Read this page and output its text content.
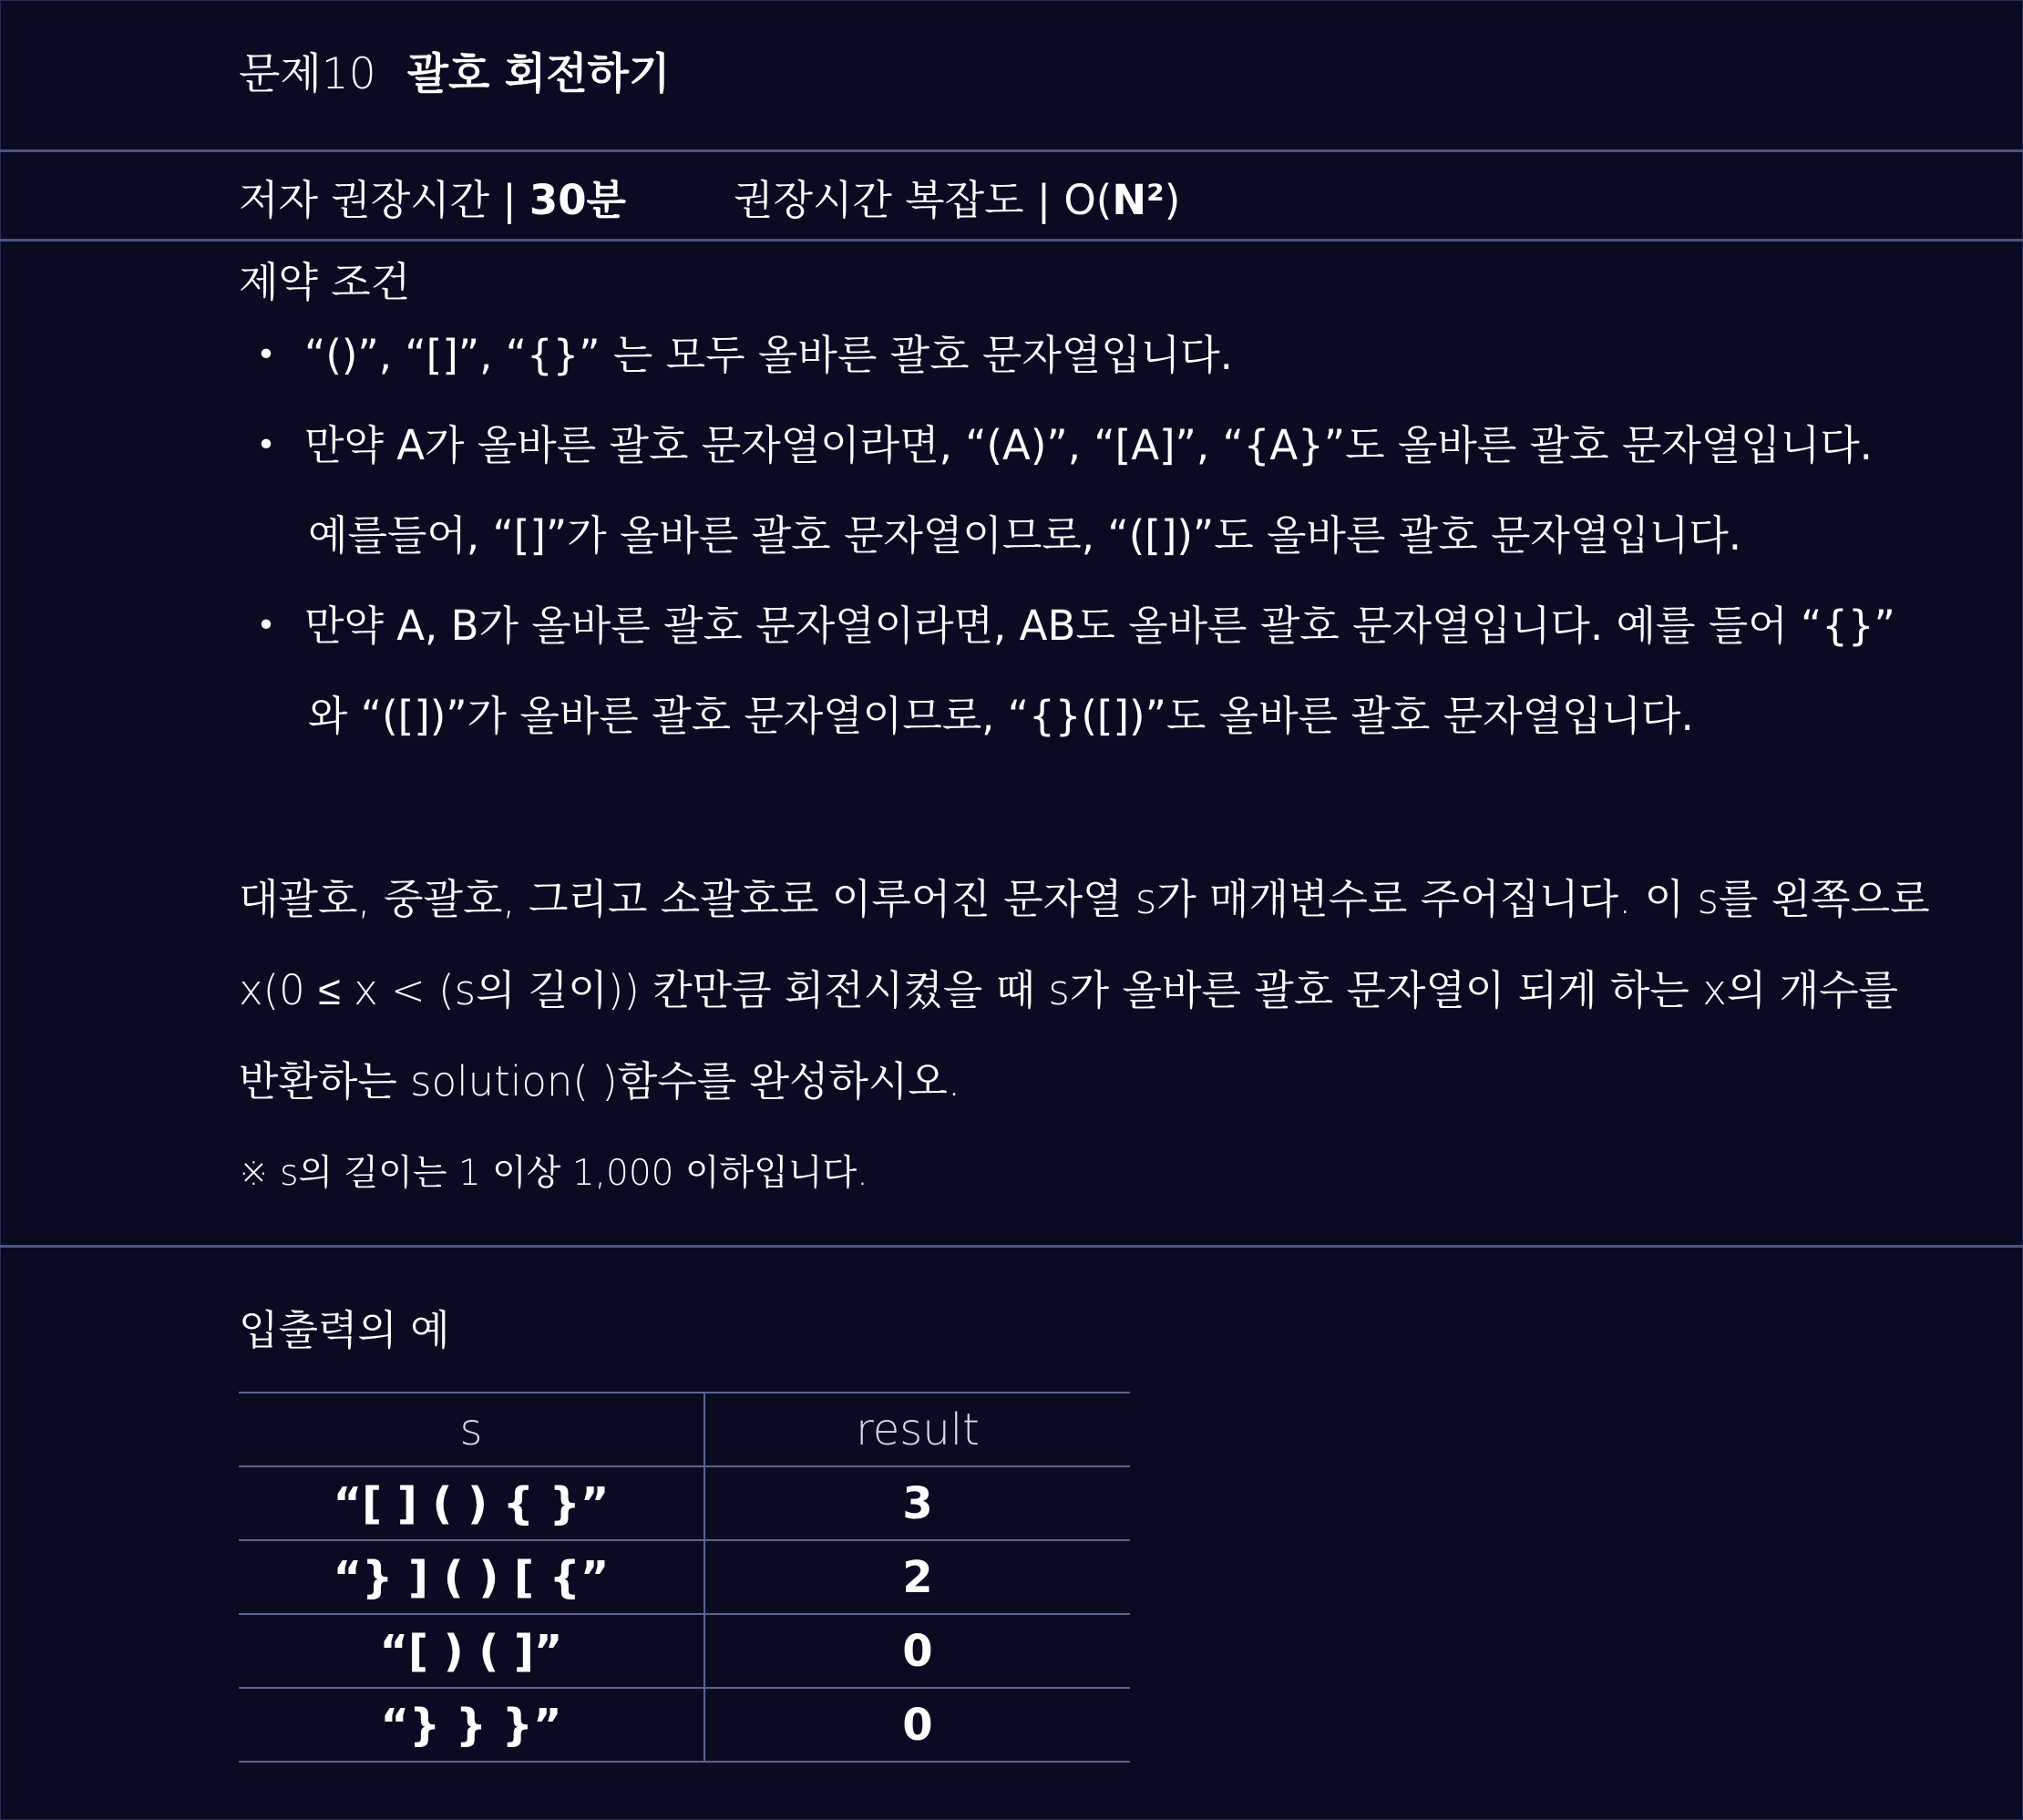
문제10 괄호 회전하기
저자 권장시간 | 30분	권장시간 복잡도 | O(N²)
제약 조건
• “()”, “[]”, “{}” 는 모두 올바른 괄호 문자열입니다.
• 만약 A가 올바른 괄호 문자열이라면, “(A)”, “[A]”, “{A}”도 올바른 괄호 문자열입니다.
예를들어, “[]”가 올바른 괄호 문자열이므로, “([])”도 올바른 괄호 문자열입니다.
• 만약 A, B가 올바른 괄호 문자열이라면, AB도 올바른 괄호 문자열입니다. 예를 들어 “{}”
와 “([])”가 올바른 괄호 문자열이므로, “{}([])”도 올바른 괄호 문자열입니다.
대괄호, 중괄호, 그리고 소괄호로 이루어진 문자열 s가 매개변수로 주어집니다. 이 s를 왼쪽으로
x(0 ≤ x < (s의 길이)) 칸만큼 회전시켰을 때 s가 올바른 괄호 문자열이 되게 하는 x의 개수를
반환하는 solution( )함수를 완성하시오.
※ s의 길이는 1 이상 1,000 이하입니다.
입출력의 예
s	result
“[ ] ( ) { }”	3
“} ] ( ) [ {”	2
“[ ) ( ]”	0
“} } }”	0
